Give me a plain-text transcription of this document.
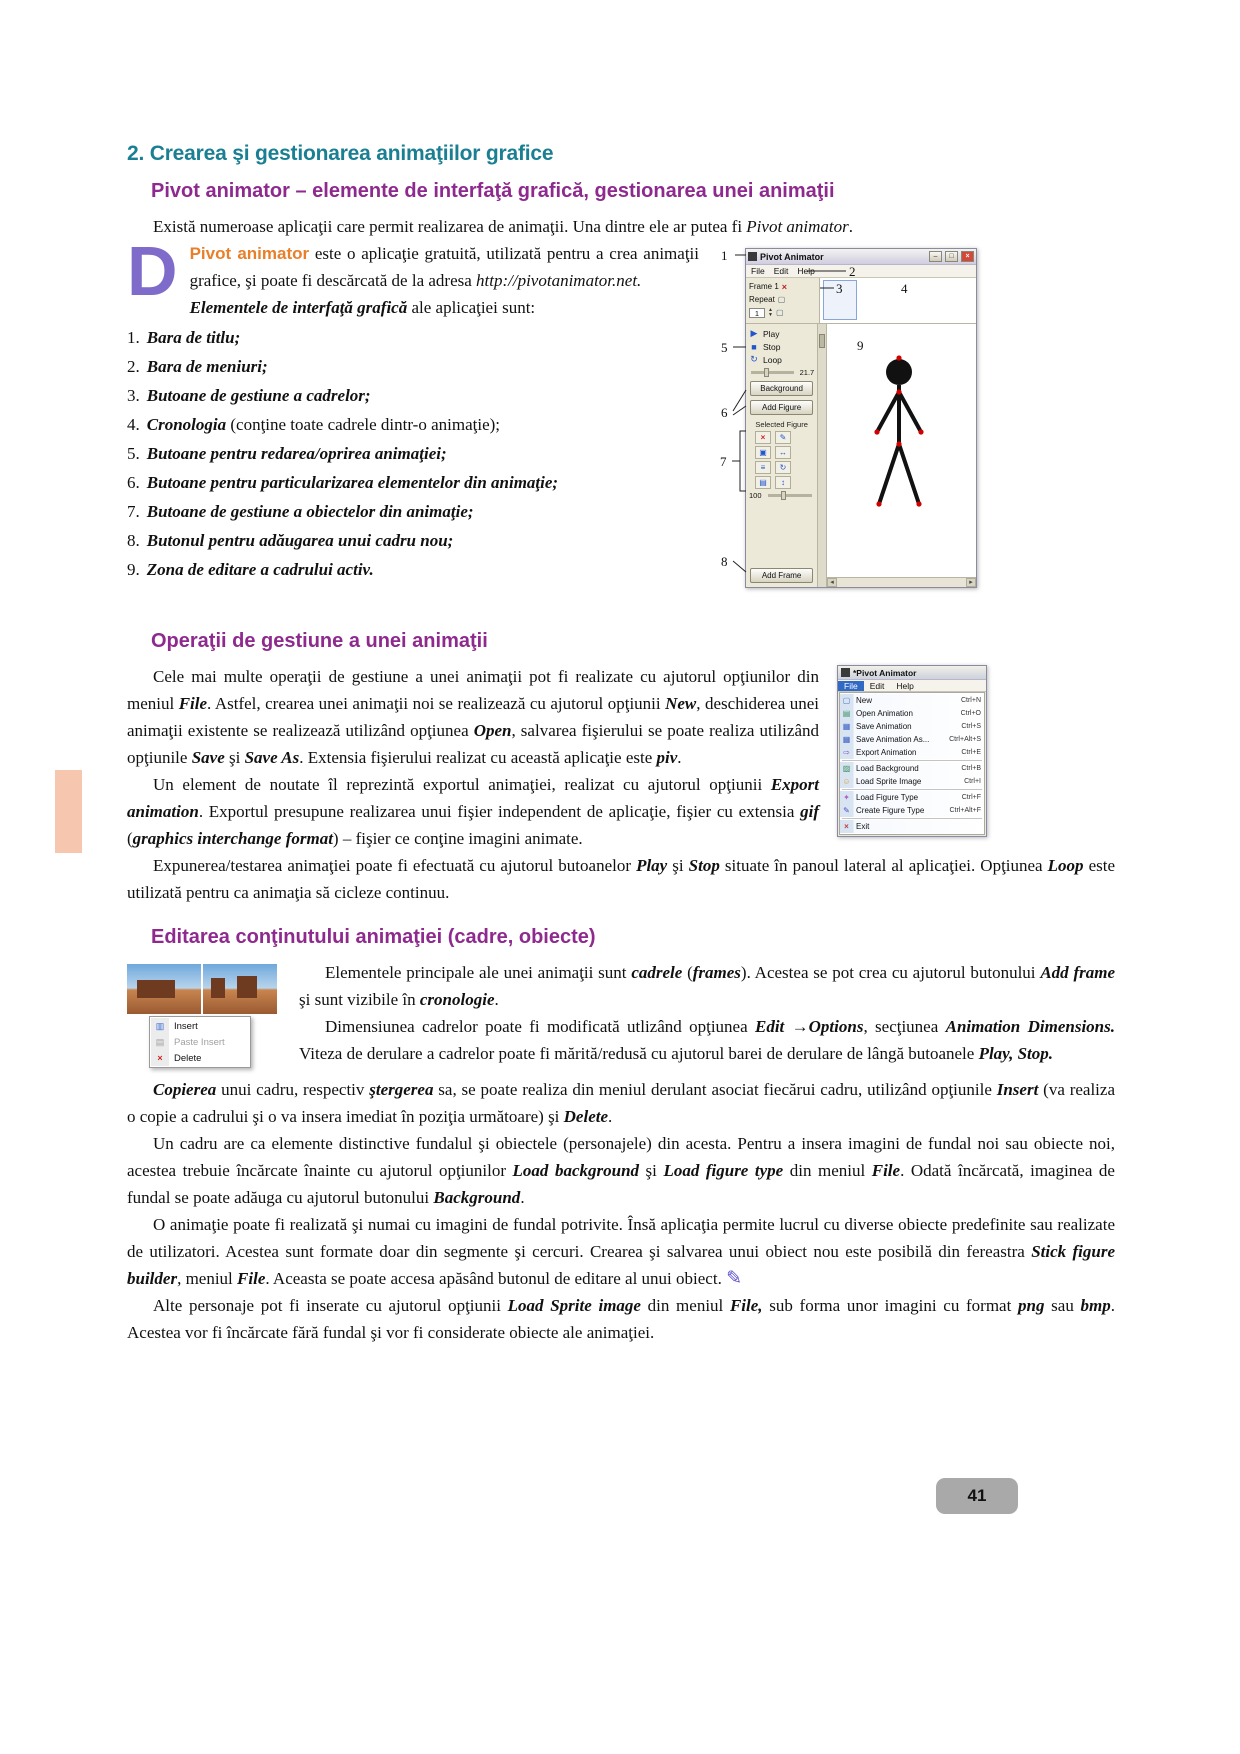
41
2. Crearea şi gestionarea animaţiilor grafice
Pivot animator – elemente de interfaţă grafică, gestionarea unei animaţii

Există numeroase aplicaţii care permit realizarea de animaţii. Una dintre ele ar putea fi Pivot animator.

Pivot Animator	–	□	×
File Edit Help
Frame 1 ×
Repeat ▢
1	▲
▼ ▢
▶ Play
■ Stop
↻ Loop
21.7
Background
Add Figure
Selected Figure
×	✎
▣	↔
≡	↻
▤	↕
100
Add Frame
◂	▸
1
2
3	4
5
6
7
8
9

D Pivot animator este o aplicaţie gratuită, utilizată pentru a crea animaţii grafice, şi poate fi descărcată de la adresa http://pivotanimator.net.

Elementele de interfaţă grafică ale aplicaţiei sunt:

1. Bara de titlu;
2. Bara de meniuri;
3. Butoane de gestiune a cadrelor;
4. Cronologia (conţine toate cadrele dintr-o animaţie);
5. Butoane pentru redarea/oprirea animaţiei;
6. Butoane pentru particularizarea elementelor din animaţie;
7. Butoane de gestiune a obiectelor din animaţie;
8. Butonul pentru adăugarea unui cadru nou;
9. Zona de editare a cadrului activ.
Operaţii de gestiune a unei animaţii
*Pivot Animator
File	Edit	Help
▢ New	Ctrl+N
▤ Open Animation	Ctrl+O
▦ Save Animation	Ctrl+S
▦ Save Animation As...	Ctrl+Alt+S
⇨ Export Animation	Ctrl+E
▨ Load Background	Ctrl+B
☺ Load Sprite Image	Ctrl+I
✦ Load Figure Type	Ctrl+F
✎ Create Figure Type	Ctrl+Alt+F
× Exit

Cele mai multe operaţii de gestiune a unei animaţii pot fi realizate cu ajutorul opţiunilor din meniul File. Astfel, crearea unei animaţii noi se realizează cu ajutorul opţiunii New, deschiderea unei animaţii existente se realizează utilizând opţiunea Open, salvarea fişierului se poate realiza utilizând opţiunile Save şi Save As. Extensia fişierului realizat cu această aplicaţie este piv.

Un element de noutate îl reprezintă exportul animaţiei, realizat cu ajutorul opţiunii Export animation. Exportul presupune realizarea unui fişier independent de aplicaţie, fişier cu extensia gif (graphics interchange format) – fişier ce conţine imagini animate.

Expunerea/testarea animaţiei poate fi efectuată cu ajutorul butoanelor Play şi Stop situate în panoul lateral al aplicaţiei. Opţiunea Loop este utilizată pentru ca animaţia să cicleze continuu.

Editarea conţinutului animaţiei (cadre, obiecte)
▥	Insert
▤	Paste Insert
×	Delete

Elementele principale ale unei animaţii sunt cadrele (frames). Acestea se pot crea cu ajutorul butonului Add frame şi sunt vizibile în cronologie.

Dimensiunea cadrelor poate fi modificată utlizând opţiunea Edit →Options, secţiunea Animation Dimensions. Viteza de derulare a cadrelor poate fi mărită/redusă cu ajutorul barei de derulare de lângă butoanele Play, Stop.

Copierea unui cadru, respectiv ştergerea sa, se poate realiza din meniul derulant asociat fiecărui cadru, utilizând opţiunile Insert (va realiza o copie a cadrului şi o va insera imediat în poziţia următoare) şi Delete.

Un cadru are ca elemente distinctive fundalul şi obiectele (personajele) din acesta. Pentru a insera imagini de fundal noi sau obiecte noi, acestea trebuie încărcate înainte cu ajutorul opţiunilor Load background şi Load figure type din meniul File. Odată încărcată, imaginea de fundal se poate adăuga cu ajutorul butonului Background.

O animaţie poate fi realizată şi numai cu imagini de fundal potrivite. Însă aplicaţia permite lucrul cu diverse obiecte predefinite sau realizate de utilizatori. Acestea sunt formate doar din segmente şi cercuri. Crearea şi salvarea unui obiect nou este posibilă din fereastra Stick figure builder, meniul File. Aceasta se poate accesa apăsând butonul de editare al unui obiect. ✎

Alte personaje pot fi inserate cu ajutorul opţiunii Load Sprite image din meniul File, sub forma unor imagini cu format png sau bmp. Acestea vor fi încărcate fără fundal şi vor fi considerate obiecte ale animaţiei.
